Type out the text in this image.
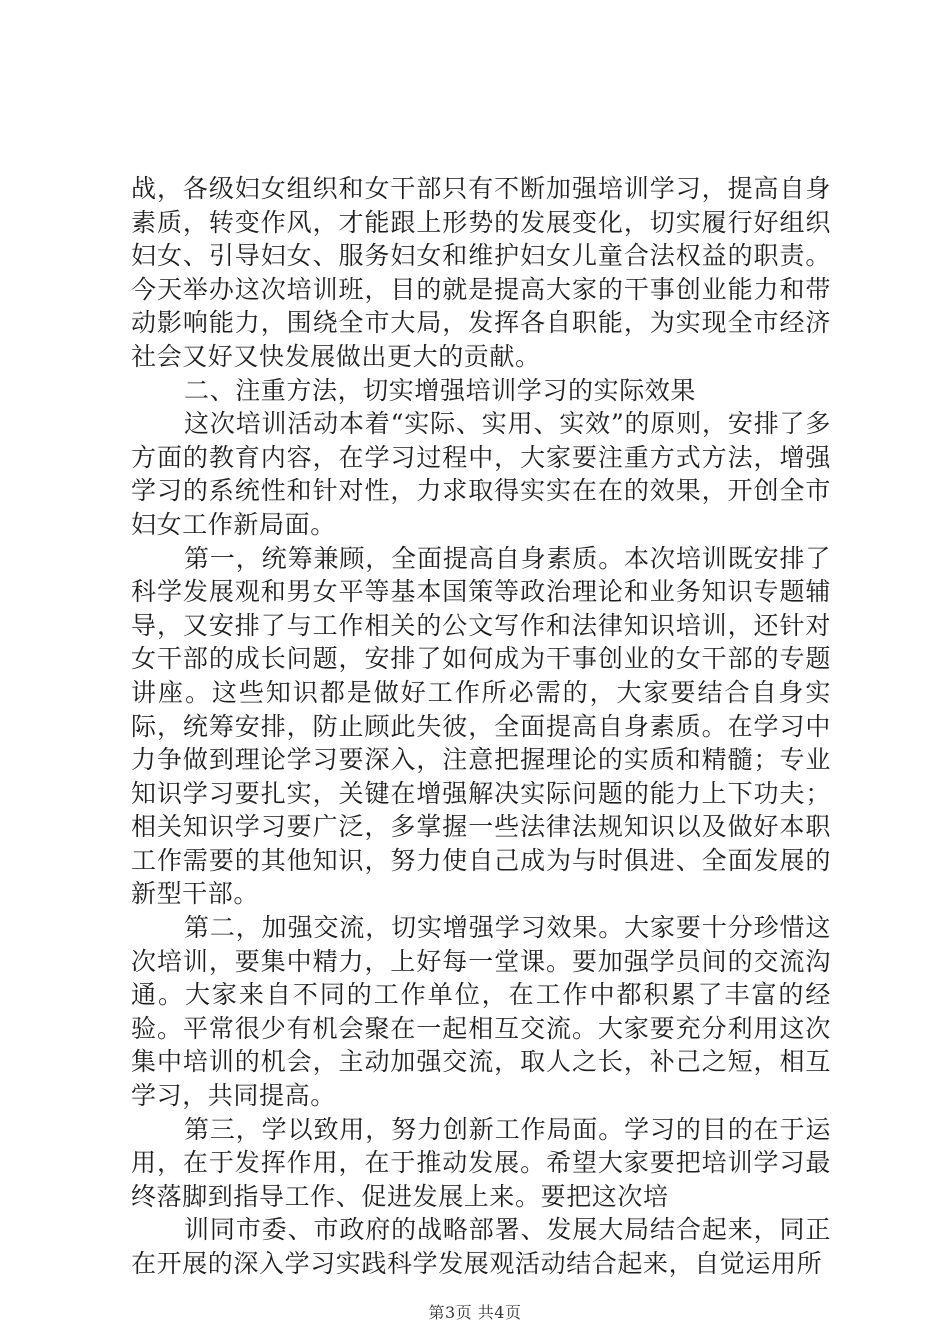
战，各级妇女组织和女干部只有不断加强培训学习，提高自身素质，转变作风，才能跟上形势的发展变化，切实履行好组织妇女、引导妇女、服务妇女和维护妇女儿童合法权益的职责。今天举办这次培训班，目的就是提高大家的干事创业能力和带动影响能力，围绕全市大局，发挥各自职能，为实现全市经济社会又好又快发展做出更大的贡献。

二、注重方法，切实增强培训学习的实际效果

这次培训活动本着“实际、实用、实效”的原则，安排了多方面的教育内容，在学习过程中，大家要注重方式方法，增强学习的系统性和针对性，力求取得实实在在的效果，开创全市妇女工作新局面。

第一，统筹兼顾，全面提高自身素质。本次培训既安排了科学发展观和男女平等基本国策等政治理论和业务知识专题辅导，又安排了与工作相关的公文写作和法律知识培训，还针对女干部的成长问题，安排了如何成为干事创业的女干部的专题讲座。这些知识都是做好工作所必需的，大家要结合自身实际，统筹安排，防止顾此失彼，全面提高自身素质。在学习中力争做到理论学习要深入，注意把握理论的实质和精髓；专业知识学习要扎实，关键在增强解决实际问题的能力上下功夫；相关知识学习要广泛，多掌握一些法律法规知识以及做好本职工作需要的其他知识，努力使自己成为与时俱进、全面发展的新型干部。

第二，加强交流，切实增强学习效果。大家要十分珍惜这次培训，要集中精力，上好每一堂课。要加强学员间的交流沟通。大家来自不同的工作单位，在工作中都积累了丰富的经验。平常很少有机会聚在一起相互交流。大家要充分利用这次集中培训的机会，主动加强交流，取人之长，补己之短，相互学习，共同提高。

第三，学以致用，努力创新工作局面。学习的目的在于运用，在于发挥作用，在于推动发展。希望大家要把培训学习最终落脚到指导工作、促进发展上来。要把这次培

训同市委、市政府的战略部署、发展大局结合起来，同正在开展的深入学习实践科学发展观活动结合起来，自觉运用所

第3页 共4页
